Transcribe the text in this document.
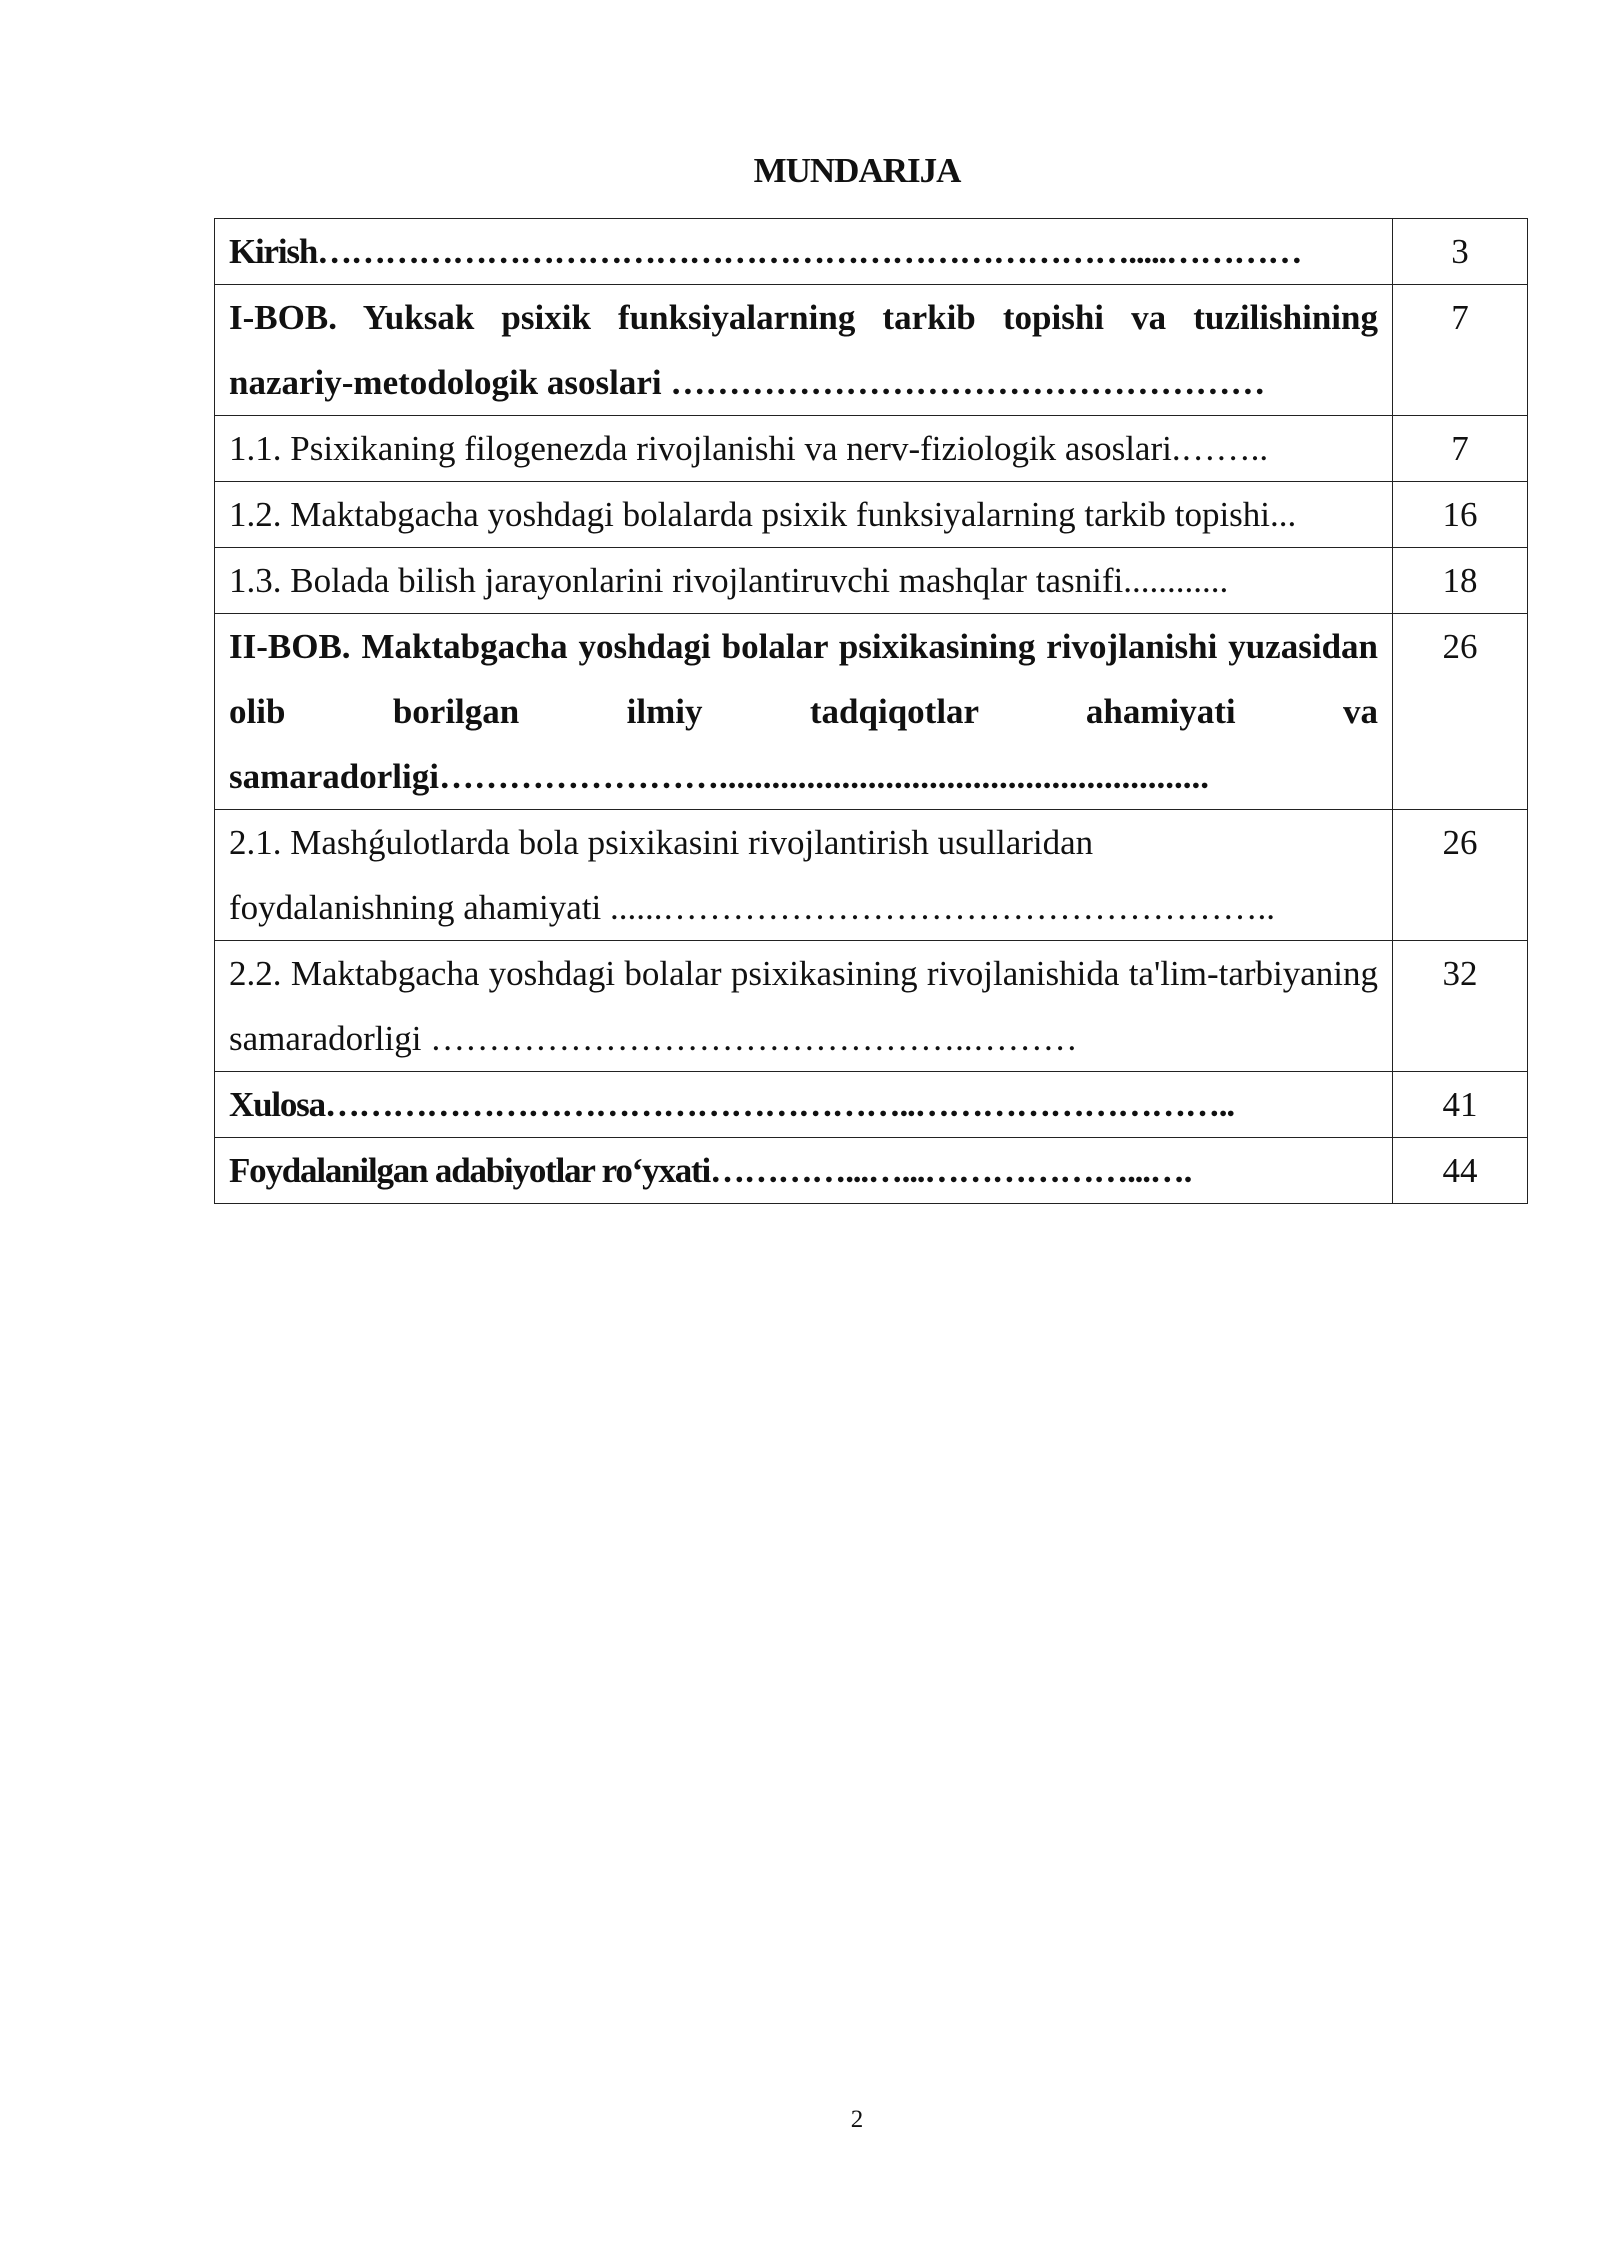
MUNDARIJA
Kirish……………………………………………………………….....…………	3
I-BOB. Yuksak psixik funksiyalarning tarkib topishi va tuzilishining nazariy-metodologik asoslari ……………………………………………	7
1.1. Psixikaning filogenezda rivojlanishi va nerv-fiziologik asoslari.……..	7
1.2. Maktabgacha yoshdagi bolalarda psixik funksiyalarning tarkib topishi...	16
1.3. Bolada bilish jarayonlarini rivojlantiruvchi mashqlar tasnifi............	18
II-BOB. Maktabgacha yoshdagi bolalar psixikasining rivojlanishi yuzasidan olib borilgan ilmiy tadqiqotlar ahamiyati va
samaradorligi……………………........................................................	26

2.1. Mashǵulotlarda bola psixikasini rivojlantirish usullaridan
foydalanishning ahamiyati ......……………………………………………..	26
2.2. Maktabgacha yoshdagi bolalar psixikasining rivojlanishida ta'lim-tarbiyaning samaradorligi ………………………………………..………	32
Xulosa……………………………………………..………………………..	41
Foydalanilgan adabiyotlar ro‘yxati…………...…...………………...….	44
2
